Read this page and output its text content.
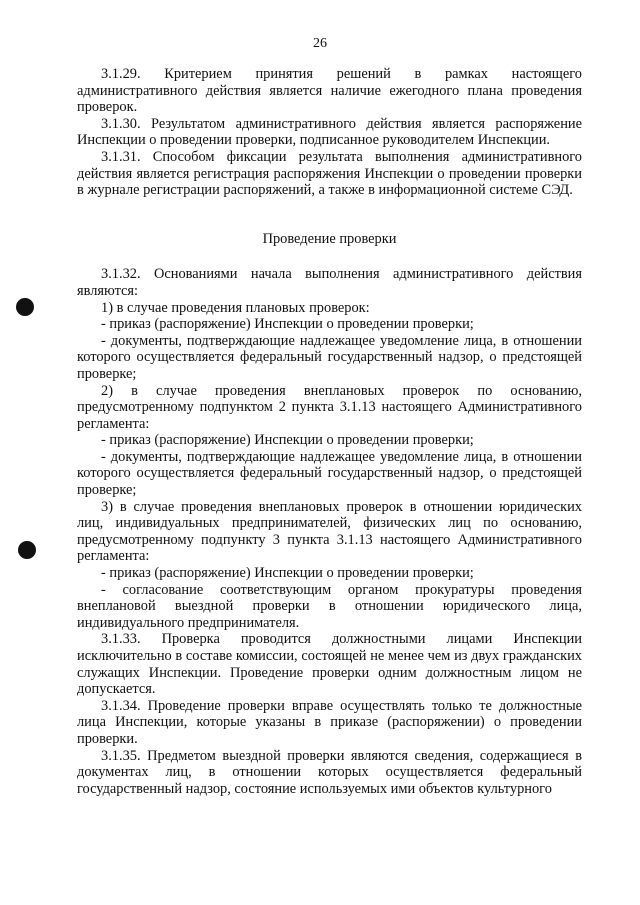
26

3.1.29. Критерием принятия решений в рамках настоящего административного действия является наличие ежегодного плана проведения проверок.

3.1.30. Результатом административного действия является распоряжение Инспекции о проведении проверки, подписанное руководителем Инспекции.

3.1.31. Способом фиксации результата выполнения административного действия является регистрация распоряжения Инспекции о проведении проверки в журнале регистрации распоряжений, а также в информационной системе СЭД.

Проведение проверки

3.1.32. Основаниями начала выполнения административного действия являются:

1) в случае проведения плановых проверок:

- приказ (распоряжение) Инспекции о проведении проверки;

- документы, подтверждающие надлежащее уведомление лица, в отношении которого осуществляется федеральный государственный надзор, о предстоящей проверке;

2) в случае проведения внеплановых проверок по основанию, предусмотренному подпунктом 2 пункта 3.1.13 настоящего Административного регламента:

- приказ (распоряжение) Инспекции о проведении проверки;

- документы, подтверждающие надлежащее уведомление лица, в отношении которого осуществляется федеральный государственный надзор, о предстоящей проверке;

3) в случае проведения внеплановых проверок в отношении юридических лиц, индивидуальных предпринимателей, физических лиц по основанию, предусмотренному подпункту 3 пункта 3.1.13 настоящего Административного регламента:

- приказ (распоряжение) Инспекции о проведении проверки;

- согласование соответствующим органом прокуратуры проведения внеплановой выездной проверки в отношении юридического лица, индивидуального предпринимателя.

3.1.33. Проверка проводится должностными лицами Инспекции исключительно в составе комиссии, состоящей не менее чем из двух гражданских служащих Инспекции. Проведение проверки одним должностным лицом не допускается.

3.1.34. Проведение проверки вправе осуществлять только те должностные лица Инспекции, которые указаны в приказе (распоряжении) о проведении проверки.

3.1.35. Предметом выездной проверки являются сведения, содержащиеся в документах лиц, в отношении которых осуществляется федеральный государственный надзор, состояние используемых ими объектов культурного
